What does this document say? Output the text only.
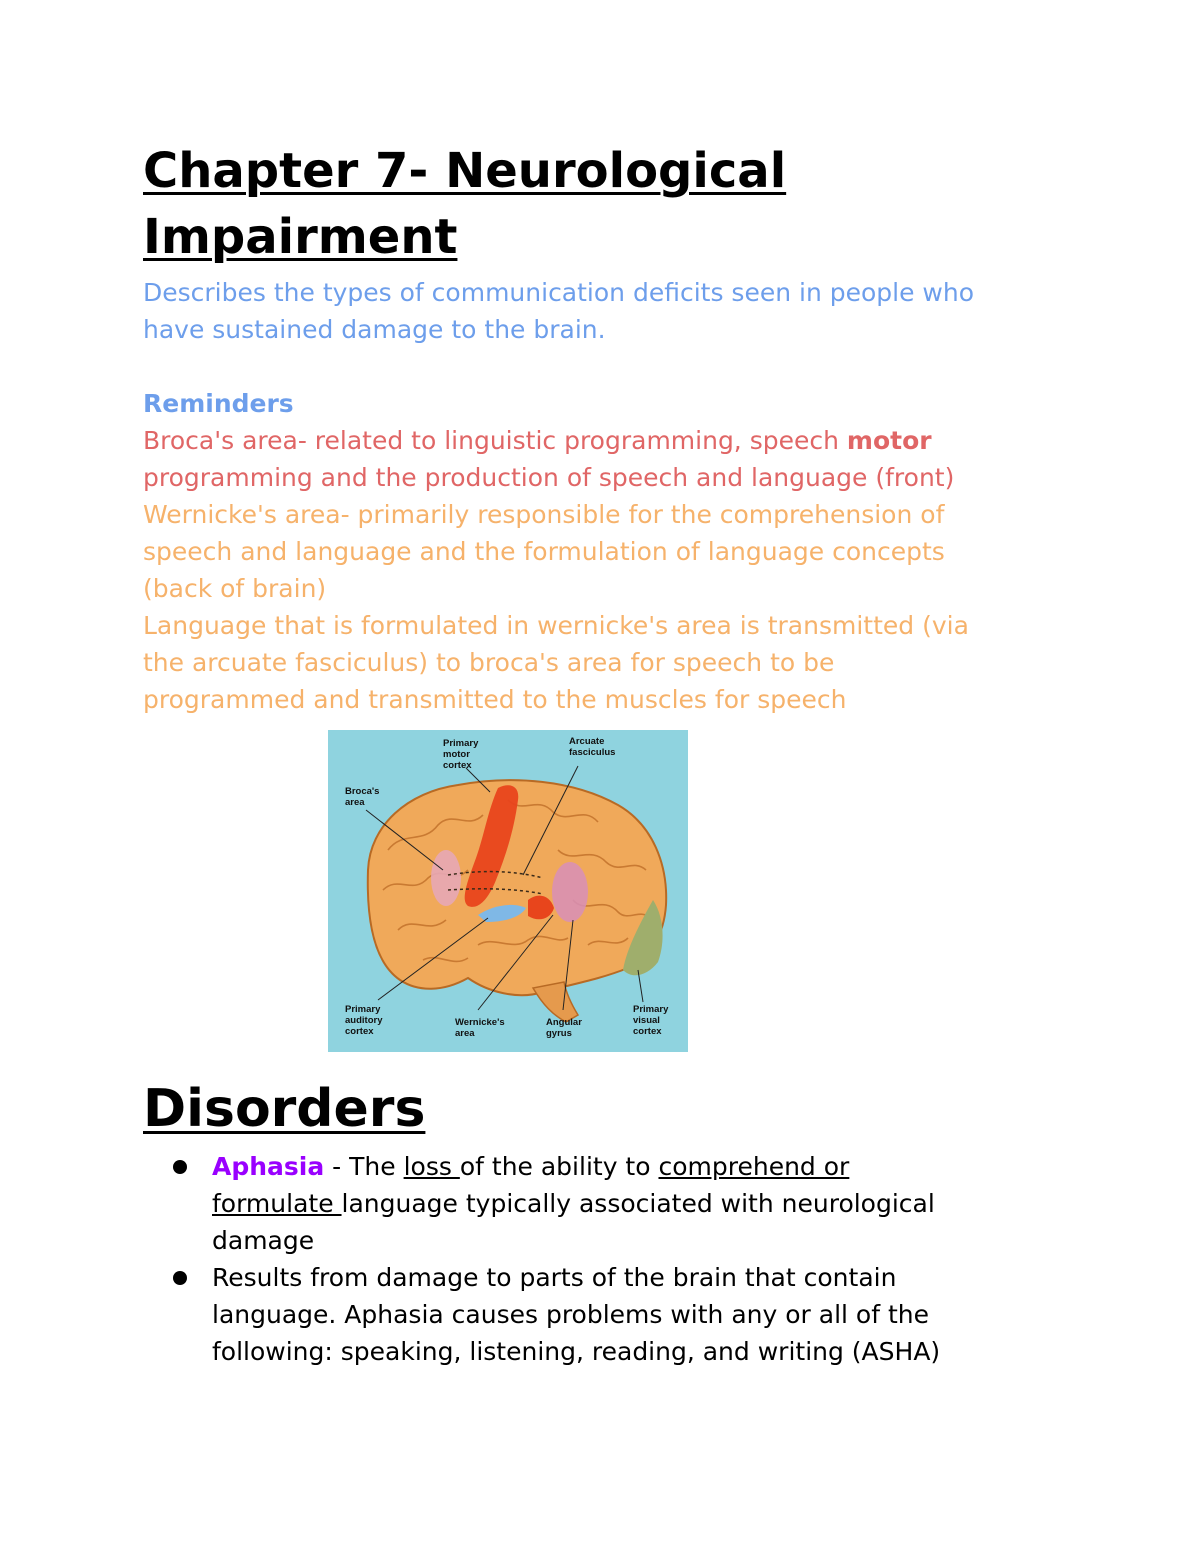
Chapter 7- Neurological
Impairment

Describes the types of communication deficits seen in people who
have sustained damage to the brain.

Reminders

Broca's area- related to linguistic programming, speech motor
programming and the production of speech and language (front)

Wernicke's area- primarily responsible for the comprehension of
speech and language and the formulation of language concepts
(back of brain)
Language that is formulated in wernicke's area is transmitted (via
the arcuate fasciculus) to broca's area for speech to be
programmed and transmitted to the muscles for speech

Primary motor cortex
Arcuate fasciculus
Broca's area
Primary auditory cortex
Wernicke's area
Angular gyrus
Primary visual cortex
Disorders
Aphasia - The loss of the ability to comprehend or
formulate language typically associated with neurological
damage
Results from damage to parts of the brain that contain
language. Aphasia causes problems with any or all of the
following: speaking, listening, reading, and writing (ASHA)
